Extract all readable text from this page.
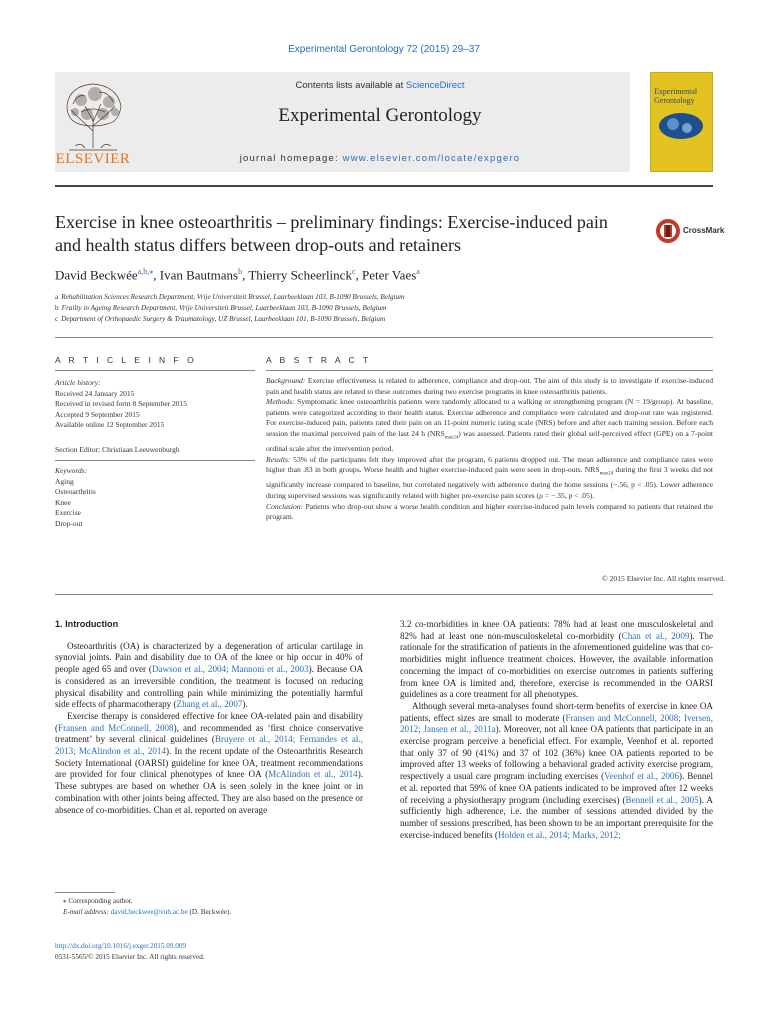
Experimental Gerontology 72 (2015) 29–37
ELSEVIER
Contents lists available at ScienceDirect
Experimental Gerontology
journal homepage: www.elsevier.com/locate/expgero
Experimental
Gerontology
Exercise in knee osteoarthritis – preliminary findings: Exercise-induced pain and health status differs between drop-outs and retainers
CrossMark
David Beckwée$^{a,b,⁎}$, Ivan Bautmans$^b$, Thierry Scheerlinck$^c$, Peter Vaes$^a$
a Rehabilitation Sciences Research Department, Vrije Universiteit Brussel, Laarbeeklaan 103, B-1090 Brussels, Belgium
b Frailty in Ageing Research Department, Vrije Universiteit Brussel, Laarbeeklaan 103, B-1090 Brussels, Belgium
c Department of Orthopaedic Surgery & Traumatology, UZ Brussel, Laarbeeklaan 101, B-1090 Brussels, Belgium
A R T I C L E I N F O	A B S T R A C T
Article history:
Received 24 January 2015
Received in revised form 8 September 2015
Accepted 9 September 2015
Available online 12 September 2015
Section Editor: Christiaan Leeuwenburgh
Keywords:
Aging
Osteoarthritis
Knee
Exercise
Drop-out

Background: Exercise effectiveness is related to adherence, compliance and drop-out. The aim of this study is to investigate if exercise-induced pain and health status are related to these outcomes during two exercise programs in knee osteoarthritis patients.

Methods: Symptomatic knee osteoarthritis patients were randomly allocated to a walking or strengthening program (N = 19/group). At baseline, patients were categorized according to their health status. Exercise adherence and compliance were calculated and drop-out rate was registered. For exercise-induced pain, patients rated their pain on an 11-point numeric rating scale (NRS) before and after each training session. Before each session the maximal perceived pain of the last 24 h $(NRS_{max24})$ was assessed. Patients rated their global self-perceived effect (GPE) on a 7-point ordinal scale after the intervention period.

Results: 53% of the participants felt they improved after the program, 6 patients dropped out. The mean adherence and compliance rates were higher than .83 in both groups. Worse health and higher exercise-induced pain were seen in drop-outs. $NRS_{max24}$ during the first 3 weeks did not significantly increase compared to baseline, but correlated negatively with adherence during the home sessions (−.56, p < .05). Lower adherence during supervised sessions was significantly related with higher pre-exercise pain scores (ρ = −.35, p < .05).

Conclusion: Patients who drop-out show a worse health condition and higher exercise-induced pain levels compared to patients that retained the program.

© 2015 Elsevier Inc. All rights reserved.
1. Introduction

Osteoarthritis (OA) is characterized by a degeneration of articular cartilage in synovial joints. Pain and disability due to OA of the knee or hip occur in 40% of people aged 65 and over (Dawson et al., 2004; Mannoni et al., 2003). Because OA is considered as an irreversible condition, the treatment is focused on reducing physical disability and controlling pain while minimizing the potentially harmful side effects of pharmacotherapy (Zhang et al., 2007).

Exercise therapy is considered effective for knee OA-related pain and disability (Fransen and McConnell, 2008), and recommended as ‘first choice conservative treatment’ by several clinical guidelines (Bruyere et al., 2014; Fernandes et al., 2013; McAlindon et al., 2014). In the recent update of the Osteoarthritis Research Society International (OARSI) guideline for knee OA, treatment recommendations are provided for four clinical phenotypes of knee OA (McAlindon et al., 2014). These subtypes are based on whether OA is seen solely in the knee joint or in combination with other joints being affected. They are also based on the presence or absence of co-morbidities. Chan et al. reported on average

3.2 co-morbidities in knee OA patients: 78% had at least one musculoskeletal and 82% had at least one non-musculoskeletal co-morbidity (Chan et al., 2009). The rationale for the stratification of patients in the aforementioned guideline was that co-morbidities might influence treatment choices. However, the available information concerning the impact of co-morbidities on exercise outcomes in patients suffering from knee OA is limited and, therefore, exercise is recommended in the OARSI guidelines as a core treatment for all phenotypes.

Although several meta-analyses found short-term benefits of exercise in knee OA patients, effect sizes are small to moderate (Fransen and McConnell, 2008; Iversen, 2012; Jansen et al., 2011a). Moreover, not all knee OA patients that participate in an exercise program perceive a beneficial effect. For example, Veenhof et al. reported that only 37 of 90 (41%) and 37 of 102 (36%) knee OA patients reported to be improved after 13 weeks of following a behavioral graded activity exercise program, respectively a usual care program including exercises (Veenhof et al., 2006). Bennel et al. reported that 59% of knee OA patients indicated to be improved after 12 weeks of receiving a physiotherapy program (including exercises) (Bennell et al., 2005). A sufficiently high adherence, i.e. the number of sessions attended divided by the number of sessions prescribed, has been shown to be an important prerequisite for the exercise-induced benefits (Holden et al., 2014; Marks, 2012;

⁎ Corresponding author.
E-mail address: david.beckwee@vub.ac.be (D. Beckwée).
http://dx.doi.org/10.1016/j.exger.2015.09.009
0531-5565/© 2015 Elsevier Inc. All rights reserved.
